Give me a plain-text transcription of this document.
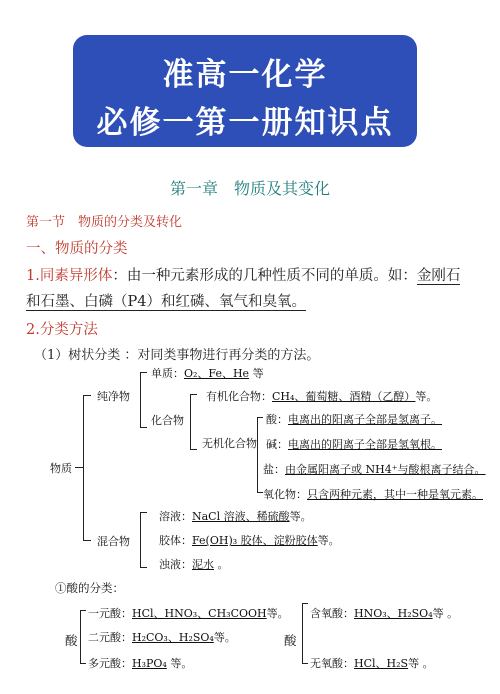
准高一化学
必修一第一册知识点
第一章　物质及其变化
第一节　物质的分类及转化
一、物质的分类
1.同素异形体：由一种元素形成的几种性质不同的单质。如：金刚石
和石墨、白磷（P4）和红磷、氧气和臭氧。
2.分类方法
（1）树状分类 ：对同类事物进行再分类的方法。
物质
纯净物
单质：O₂、Fe、He 等
化合物
有机化合物：CH₄、葡萄糖、酒精（乙醇）等。
无机化合物
酸：电离出的阳离子全部是氢离子。
碱：电离出的阴离子全部是氢氧根。
盐：由金属阳离子或 NH4⁺与酸根离子结合。
氧化物：只含两种元素，其中一种是氧元素。
混合物
溶液：NaCl 溶液、稀硫酸等。
胶体：Fe(OH)₃ 胶体、淀粉胶体等。
浊液：泥水 。
①酸的分类：
酸
一元酸：HCl、HNO₃、CH₃COOH等。
二元酸：H₂CO₃、H₂SO₄等。
多元酸：H₃PO₄ 等。
酸
含氧酸：HNO₃、H₂SO₄等 。
无氧酸：HCl、H₂S等 。
